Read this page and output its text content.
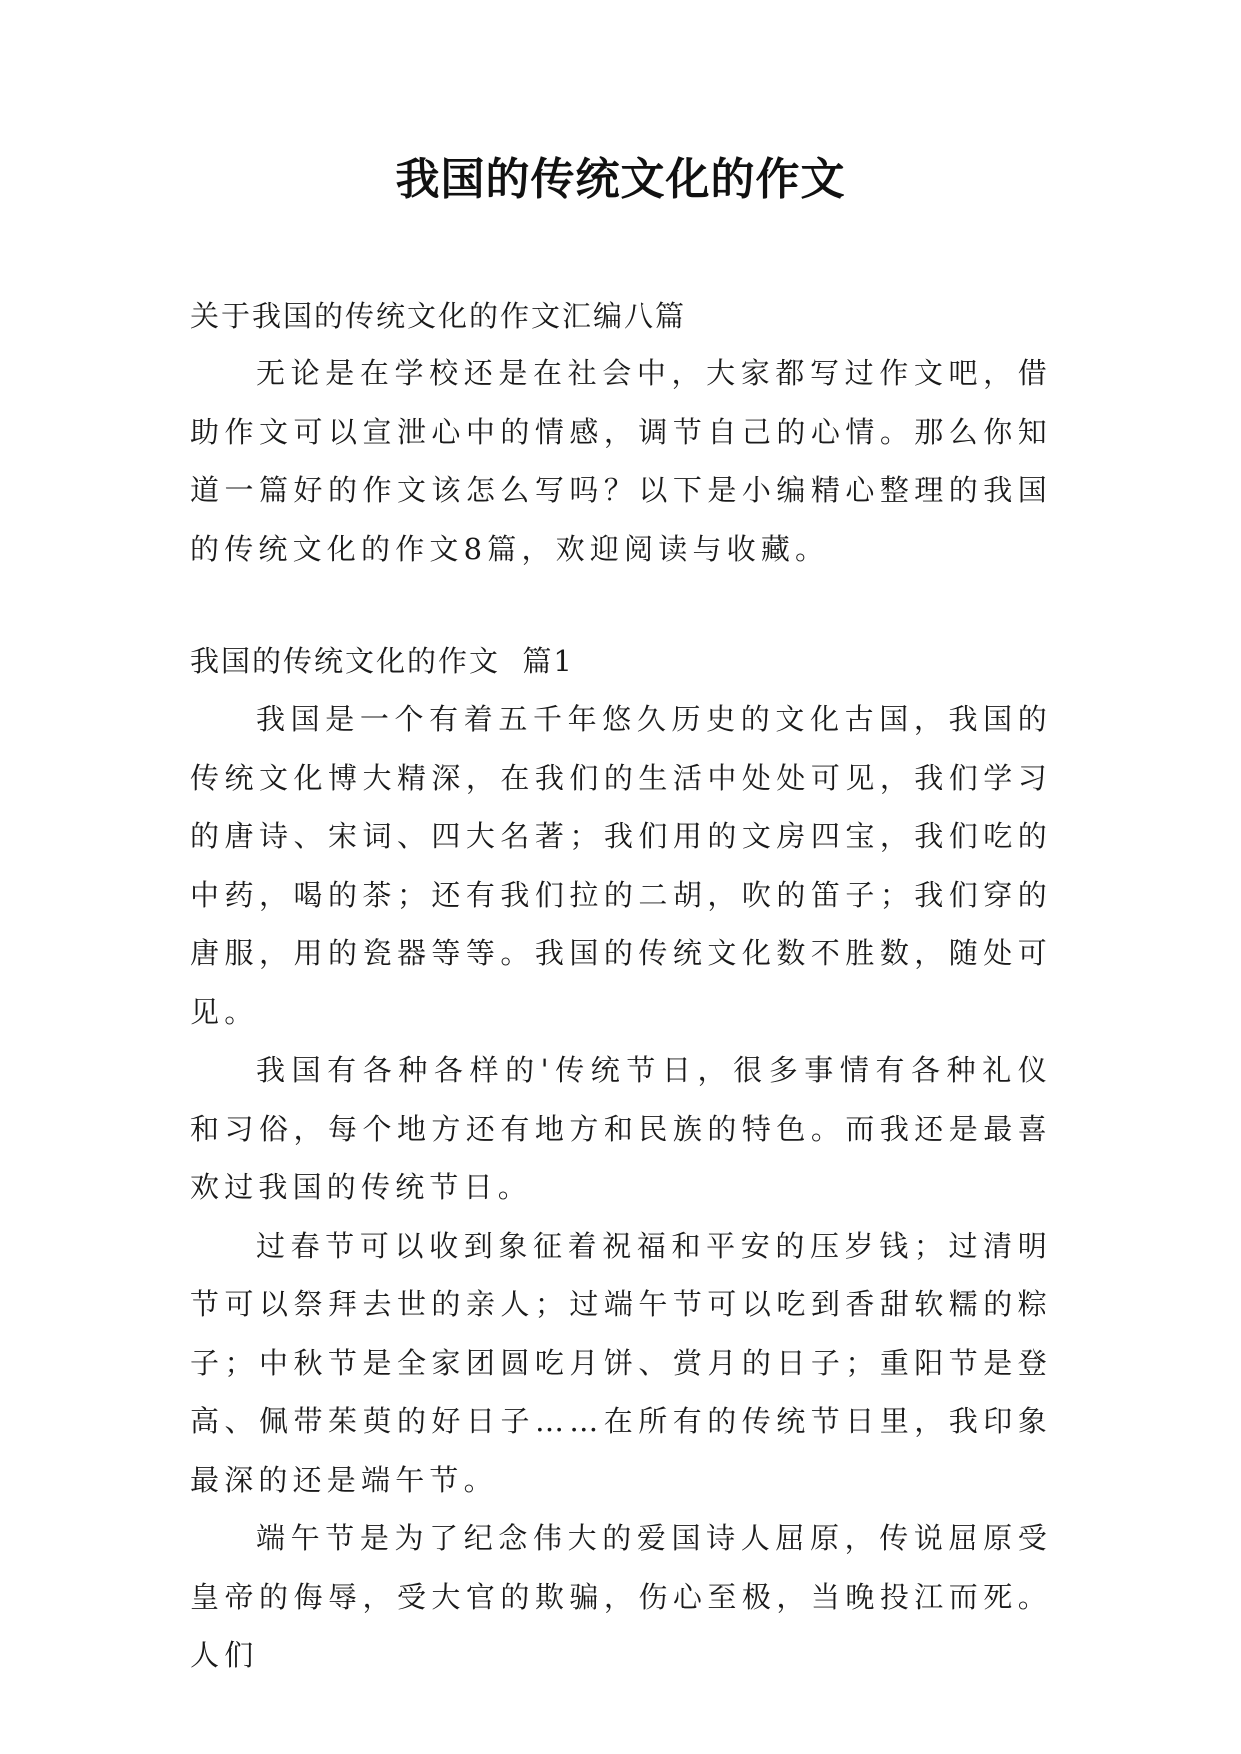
我国的传统文化的作文

关于我国的传统文化的作文汇编八篇

无论是在学校还是在社会中，大家都写过作文吧，借助作文可以宣泄心中的情感，调节自己的心情。那么你知道一篇好的作文该怎么写吗？以下是小编精心整理的我国的传统文化的作文8篇，欢迎阅读与收藏。

我国的传统文化的作文  篇1

我国是一个有着五千年悠久历史的文化古国，我国的传统文化博大精深，在我们的生活中处处可见，我们学习的唐诗、宋词、四大名著；我们用的文房四宝，我们吃的中药，喝的茶；还有我们拉的二胡，吹的笛子；我们穿的唐服，用的瓷器等等。我国的传统文化数不胜数，随处可见。

我国有各种各样的'传统节日，很多事情有各种礼仪和习俗，每个地方还有地方和民族的特色。而我还是最喜欢过我国的传统节日。

过春节可以收到象征着祝福和平安的压岁钱；过清明节可以祭拜去世的亲人；过端午节可以吃到香甜软糯的粽子；中秋节是全家团圆吃月饼、赏月的日子；重阳节是登高、佩带茱萸的好日子……在所有的传统节日里，我印象最深的还是端午节。

端午节是为了纪念伟大的爱国诗人屈原，传说屈原受皇帝的侮辱，受大官的欺骗，伤心至极，当晚投江而死。人们
